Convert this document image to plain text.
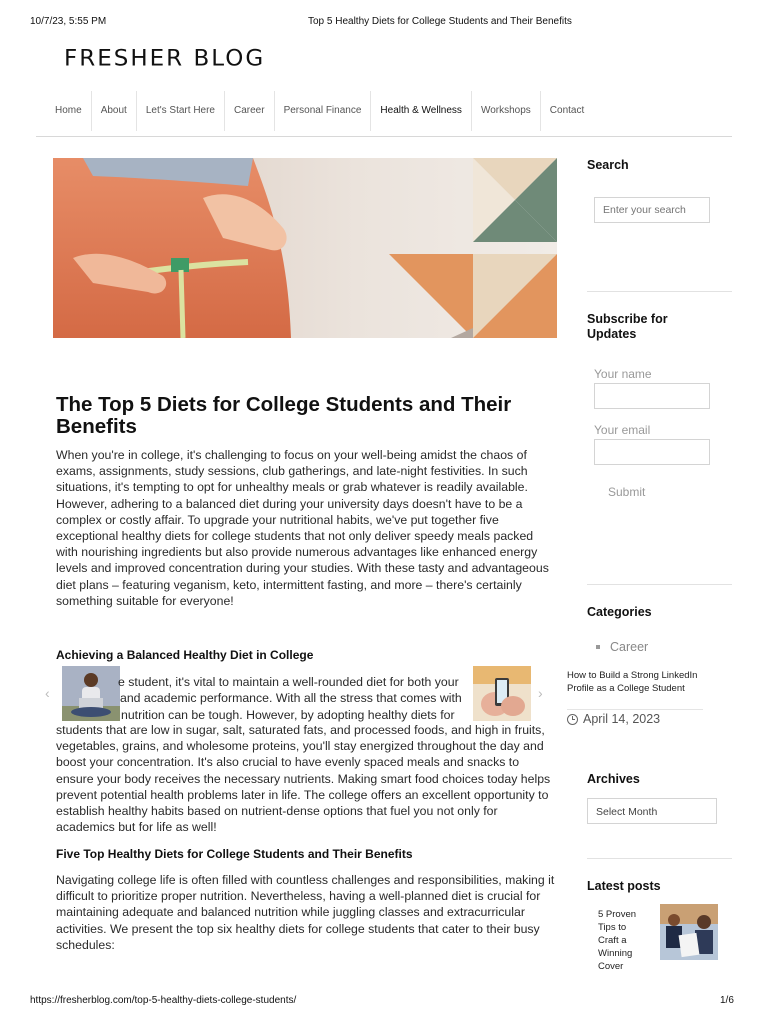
10/7/23, 5:55 PM	Top 5 Healthy Diets for College Students and Their Benefits
FRESHER BLOG
Home	About	Let's Start Here	Career	Personal Finance	Health & Wellness	Workshops	Contact
The Top 5 Diets for College Students and Their Benefits

When you're in college, it's challenging to focus on your well-being amidst the chaos of exams, assignments, study sessions, club gatherings, and late-night festivities. In such situations, it's tempting to opt for unhealthy meals or grab whatever is readily available. However, adhering to a balanced diet during your university days doesn't have to be a complex or costly affair. To upgrade your nutritional habits, we've put together five exceptional healthy diets for college students that not only deliver speedy meals packed with nourishing ingredients but also provide numerous advantages like enhanced energy levels and improved concentration during your studies. With these tasty and advantageous diet plans – featuring veganism, keto, intermittent fasting, and more – there's certainly something suitable for everyone!

Achieving a Balanced Healthy Diet in College
‹

e student, it's vital to maintain a well-rounded diet for both your

and academic performance. With all the stress that comes with

nutrition can be tough. However, by adopting healthy diets for

›
How to Build a Strong LinkedIn Profile as a College Student
April 14, 2023

students that are low in sugar, salt, saturated fats, and processed foods, and high in fruits, vegetables, grains, and wholesome proteins, you'll stay energized throughout the day and boost your concentration. It's also crucial to have evenly spaced meals and snacks to ensure your body receives the necessary nutrients. Making smart food choices today helps prevent potential health problems later in life. The college offers an excellent opportunity to establish healthy habits based on nutrient-dense options that fuel you not only for academics but for life as well!

Five Top Healthy Diets for College Students and Their Benefits

Navigating college life is often filled with countless challenges and responsibilities, making it difficult to prioritize proper nutrition. Nevertheless, having a well-planned diet is crucial for maintaining adequate and balanced nutrition while juggling classes and extracurricular activities. We present the top six healthy diets for college students that cater to their busy schedules:

Search
Enter your search
Subscribe for Updates
Your name
Your email
Submit
Categories
Career
Archives
Select Month
Latest posts
5 Proven Tips to Craft a Winning Cover
https://fresherblog.com/top-5-healthy-diets-college-students/	1/6
